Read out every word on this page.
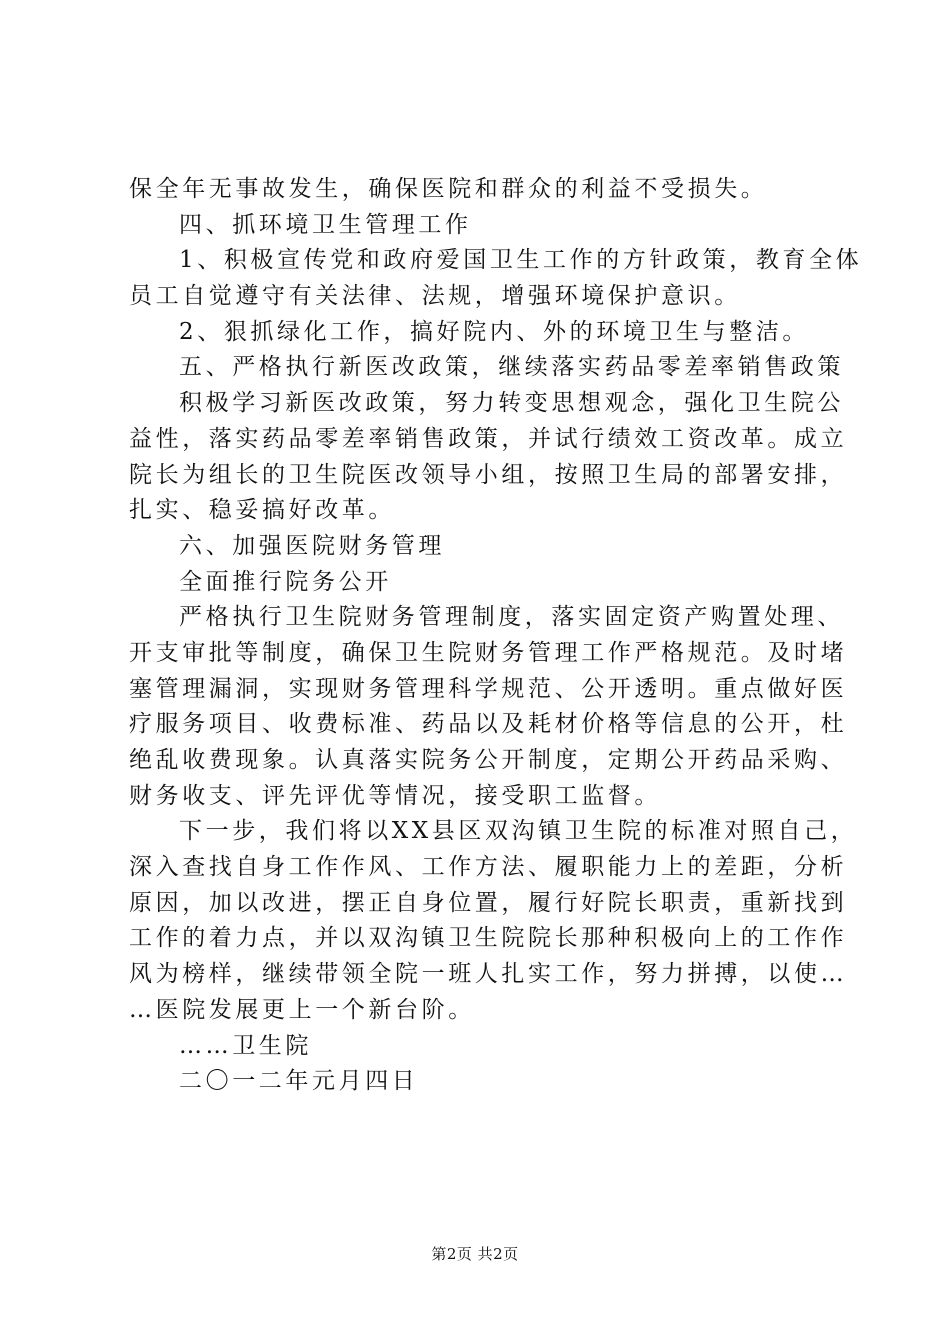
保全年无事故发生，确保医院和群众的利益不受损失。
四、抓环境卫生管理工作
1、积极宣传党和政府爱国卫生工作的方针政策，教育全体
员工自觉遵守有关法律、法规，增强环境保护意识。
2、狠抓绿化工作，搞好院内、外的环境卫生与整洁。
五、严格执行新医改政策，继续落实药品零差率销售政策
积极学习新医改政策，努力转变思想观念，强化卫生院公
益性，落实药品零差率销售政策，并试行绩效工资改革。成立
院长为组长的卫生院医改领导小组，按照卫生局的部署安排，
扎实、稳妥搞好改革。
六、加强医院财务管理
全面推行院务公开
严格执行卫生院财务管理制度，落实固定资产购置处理、
开支审批等制度，确保卫生院财务管理工作严格规范。及时堵
塞管理漏洞，实现财务管理科学规范、公开透明。重点做好医
疗服务项目、收费标准、药品以及耗材价格等信息的公开，杜
绝乱收费现象。认真落实院务公开制度，定期公开药品采购、
财务收支、评先评优等情况，接受职工监督。
下一步，我们将以XX县区双沟镇卫生院的标准对照自己，
深入查找自身工作作风、工作方法、履职能力上的差距，分析
原因，加以改进，摆正自身位置，履行好院长职责，重新找到
工作的着力点，并以双沟镇卫生院院长那种积极向上的工作作
风为榜样，继续带领全院一班人扎实工作，努力拼搏，以使…
…医院发展更上一个新台阶。
……卫生院
二〇一二年元月四日
第2页 共2页
